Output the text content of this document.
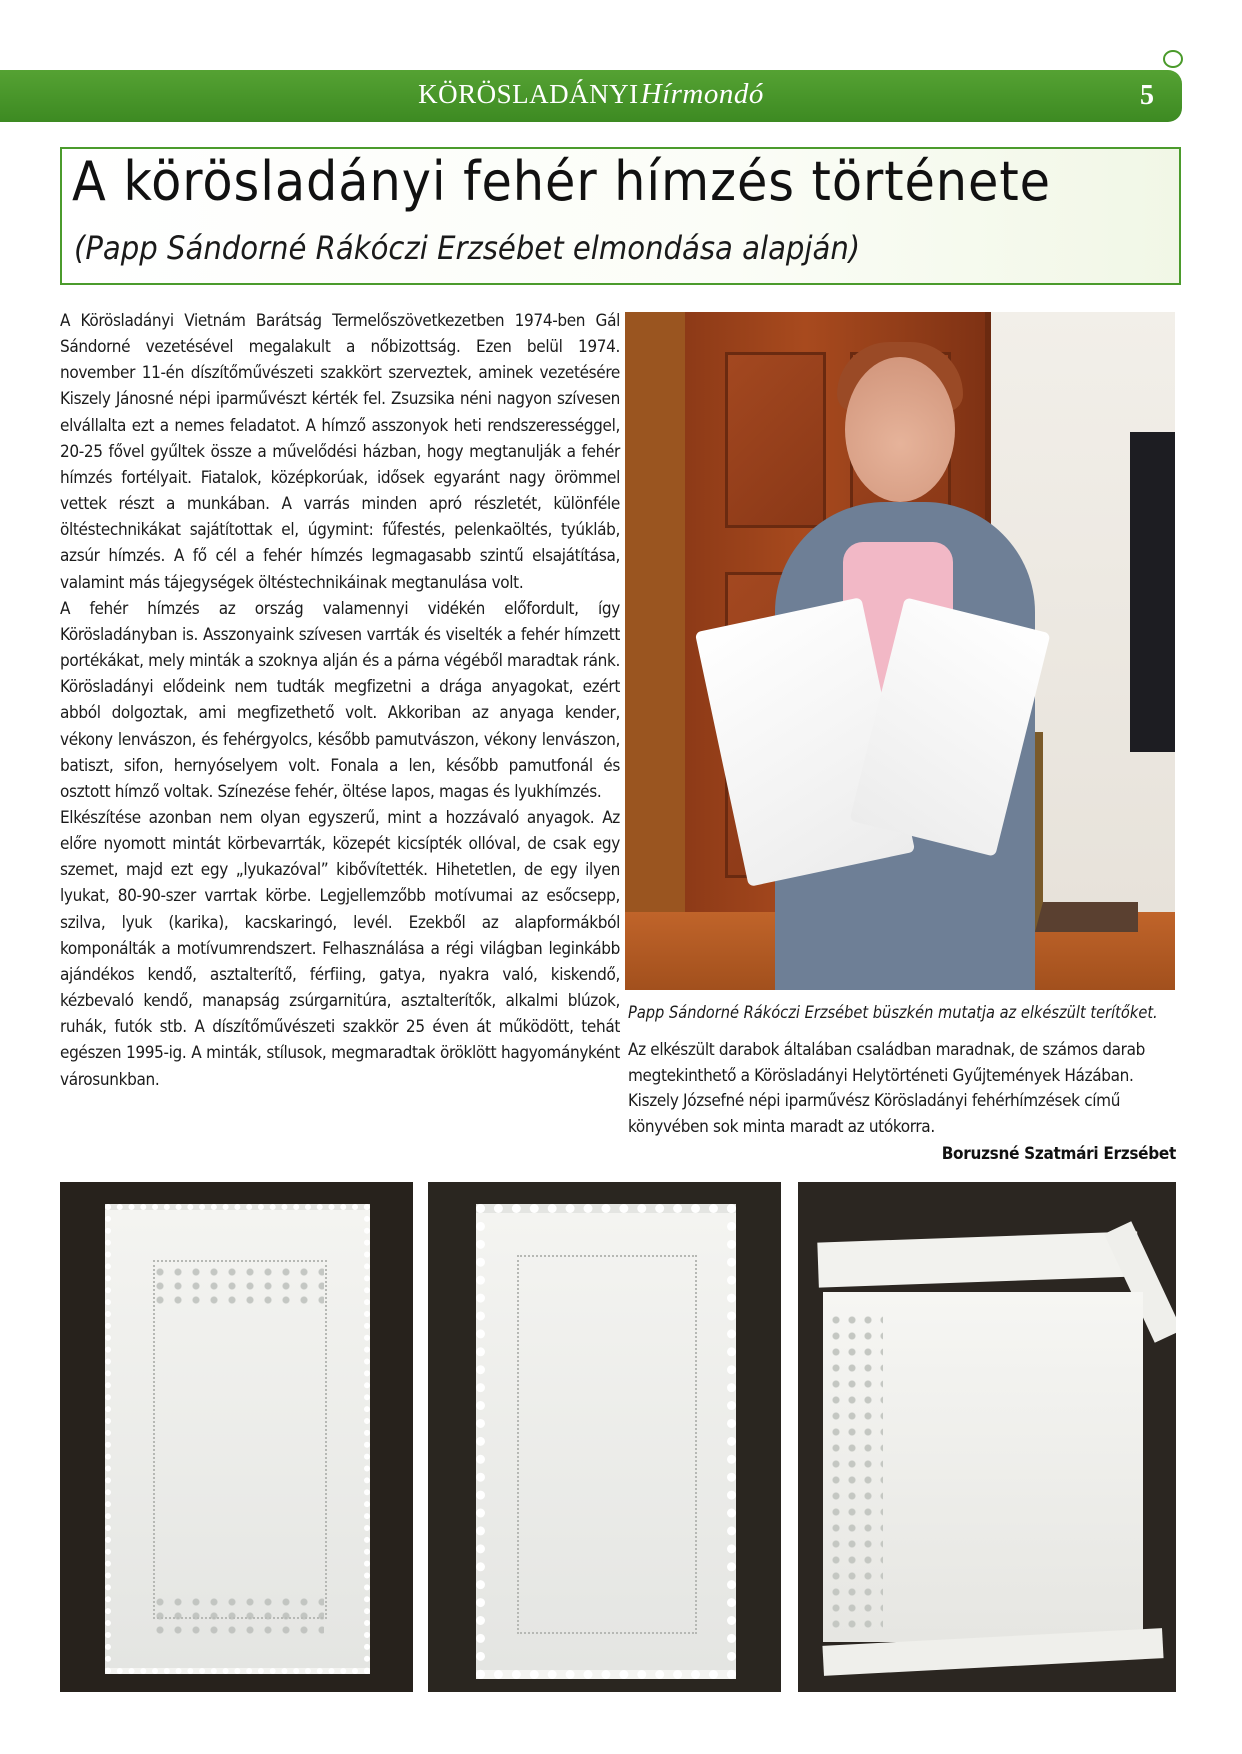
KÖRÖSLADÁNYIHírmondó	5
A körösladányi fehér hímzés története
(Papp Sándorné Rákóczi Erzsébet elmondása alapján)

A Körösladányi Vietnám Barátság Termelőszövetkezetben 1974-ben Gál Sándorné vezetésével megalakult a nőbizottság. Ezen belül 1974. november 11-én díszítőművészeti szakkört szerveztek, aminek vezetésére Kiszely Jánosné népi iparművészt kérték fel. Zsuzsika néni nagyon szívesen elvállalta ezt a nemes feladatot. A hímző asszonyok heti rendszerességgel, 20-25 fővel gyűltek össze a művelődési házban, hogy megtanulják a fehér hímzés fortélyait. Fiatalok, középkorúak, idősek egyaránt nagy örömmel vettek részt a munkában. A varrás minden apró részletét, különféle öltéstechnikákat sajátítottak el, úgymint: fűfestés, pelenkaöltés, tyúkláb, azsúr hímzés. A fő cél a fehér hímzés legmagasabb szintű elsajátítása, valamint más tájegységek öltéstechnikáinak megtanulása volt.

A fehér hímzés az ország valamennyi vidékén előfordult, így Körösladányban is. Asszonyaink szívesen varrták és viselték a fehér hímzett portékákat, mely minták a szoknya alján és a párna végéből maradtak ránk. Körösladányi elődeink nem tudták megfizetni a drága anyagokat, ezért abból dolgoztak, ami megfizethető volt. Akkoriban az anyaga kender, vékony lenvászon, és fehérgyolcs, később pamutvászon, vékony lenvászon, batiszt, sifon, hernyóselyem volt. Fonala a len, később pamutfonál és osztott hímző voltak. Színezése fehér, öltése lapos, magas és lyukhímzés.

Elkészítése azonban nem olyan egyszerű, mint a hozzávaló anyagok. Az előre nyomott mintát körbevarrták, közepét kicsípték ollóval, de csak egy szemet, majd ezt egy „lyukazóval” kibővítették. Hihetetlen, de egy ilyen lyukat, 80-90-szer varrtak körbe. Legjellemzőbb motívumai az esőcsepp, szilva, lyuk (karika), kacskaringó, levél. Ezekből az alapformákból komponálták a motívumrendszert. Felhasználása a régi világban leginkább ajándékos kendő, asztalterítő, férfiing, gatya, nyakra való, kiskendő, kézbevaló kendő, manapság zsúrgarnitúra, asztalterítők, alkalmi blúzok, ruhák, futók stb. A díszítőművészeti szakkör 25 éven át működött, tehát egészen 1995-ig. A minták, stílusok, megmaradtak öröklött hagyományként városunkban.

Papp Sándorné Rákóczi Erzsébet büszkén mutatja az elkészült terítőket.

Az elkészült darabok általában családban maradnak, de számos darab megtekinthető a Körösladányi Helytörténeti Gyűjtemények Házában. Kiszely Józsefné népi iparművész Körösladányi fehérhímzések című könyvében sok minta maradt az utókorra.

Boruzsné Szatmári Erzsébet
